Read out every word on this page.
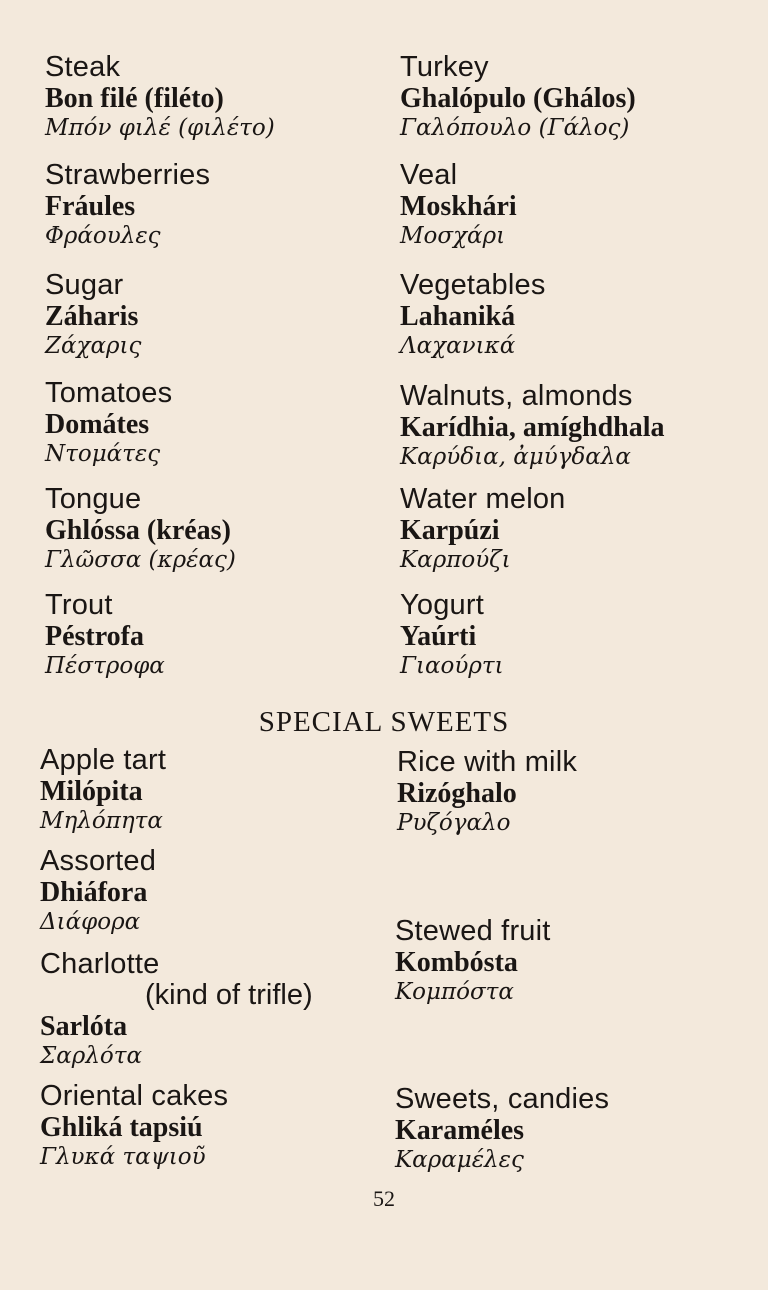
Steak
Bon filé (filéto)
Μπόν φιλέ (φιλέτο)
Strawberries
Fráules
Φράουλες
Sugar
Záharis
Ζάχαρις
Tomatoes
Domátes
Ντομάτες
Tongue
Ghlóssa (kréas)
Γλῶσσα (κρέας)
Trout
Péstrofa
Πέστροφα
Turkey
Ghalópulo (Ghálos)
Γαλόπουλο (Γάλος)
Veal
Moskhári
Μοσχάρι
Vegetables
Lahaniká
Λαχανικά
Walnuts, almonds
Karídhia, amíghdhala
Καρύδια, ἀμύγδαλα
Water melon
Karpúzi
Καρπούζι
Yogurt
Yaúrti
Γιαούρτι
SPECIAL SWEETS
Apple tart
Milópita
Μηλόπητα
Assorted
Dhiáfora
Διάφορα
Charlotte
(kind of trifle)
Sarlóta
Σαρλότα
Oriental cakes
Ghliká tapsiú
Γλυκά ταψιοῦ
Rice with milk
Rizóghalo
Ρυζόγαλο
Stewed fruit
Kombósta
Κομπόστα
Sweets, candies
Karaméles
Καραμέλες
52
